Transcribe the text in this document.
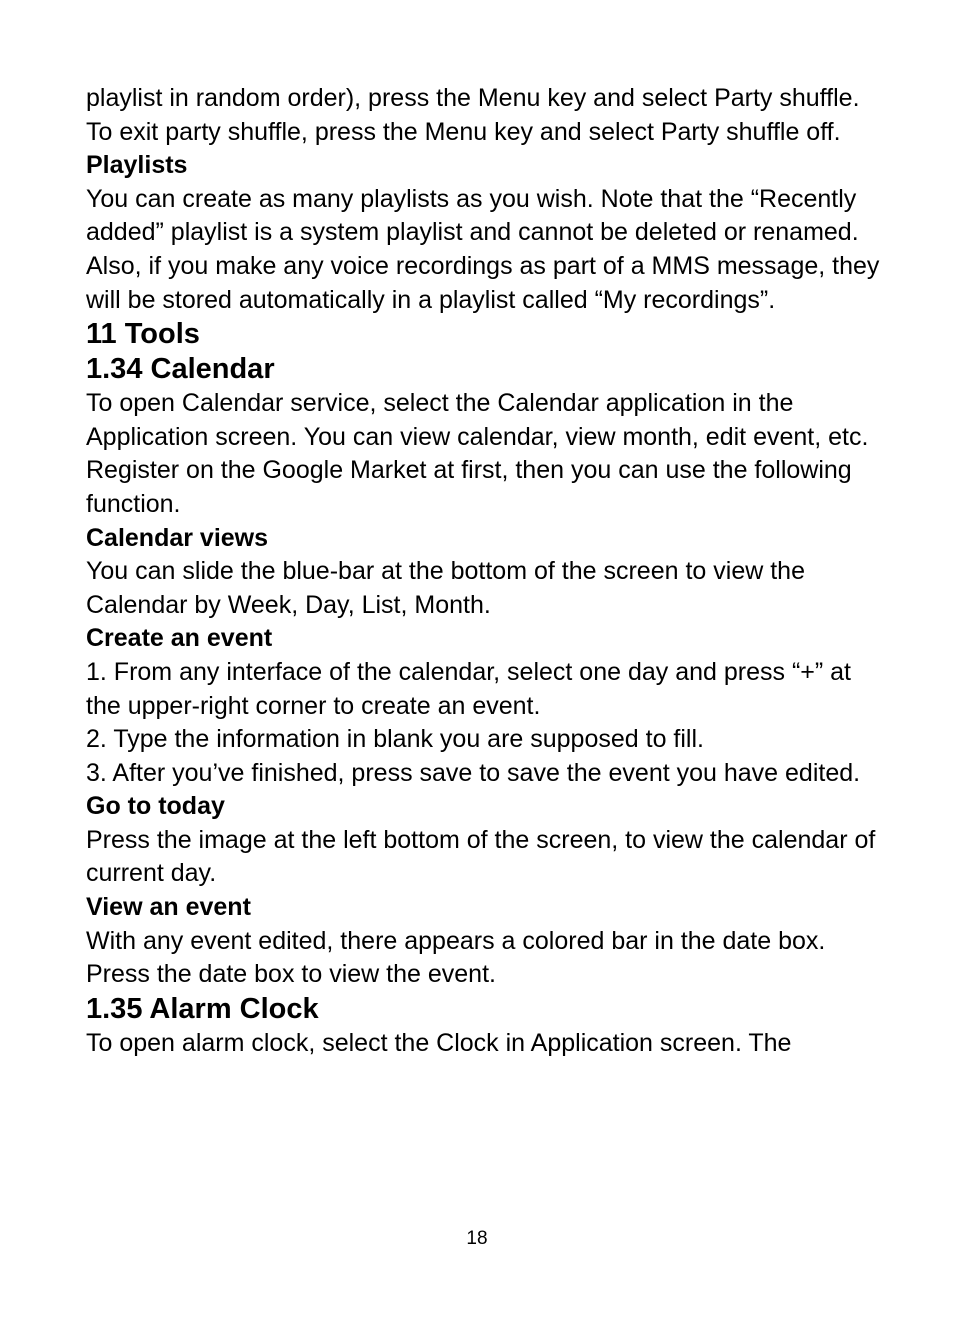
playlist in random order), press the Menu key and select Party shuffle. To exit party shuffle, press the Menu key and select Party shuffle off.

Playlists

You can create as many playlists as you wish. Note that the “Recently added” playlist is a system playlist and cannot be deleted or renamed. Also, if you make any voice recordings as part of a MMS message, they will be stored automatically in a playlist called “My recordings”.

11 Tools
1.34 Calendar

To open Calendar service, select the Calendar application in the Application screen. You can view calendar, view month, edit event, etc.

Register on the Google Market at first, then you can use the following function.

Calendar views

You can slide the blue-bar at the bottom of the screen to view the Calendar by Week, Day, List, Month.

Create an event

1. From any interface of the calendar, select one day and press “+” at the upper-right corner to create an event.

2. Type the information in blank you are supposed to fill.

3. After you’ve finished, press save to save the event you have edited.

Go to today

Press the image at the left bottom of the screen, to view the calendar of current day.

View an event

With any event edited, there appears a colored bar in the date box. Press the date box to view the event.

1.35 Alarm Clock

To open alarm clock, select the Clock in Application screen. The

18
